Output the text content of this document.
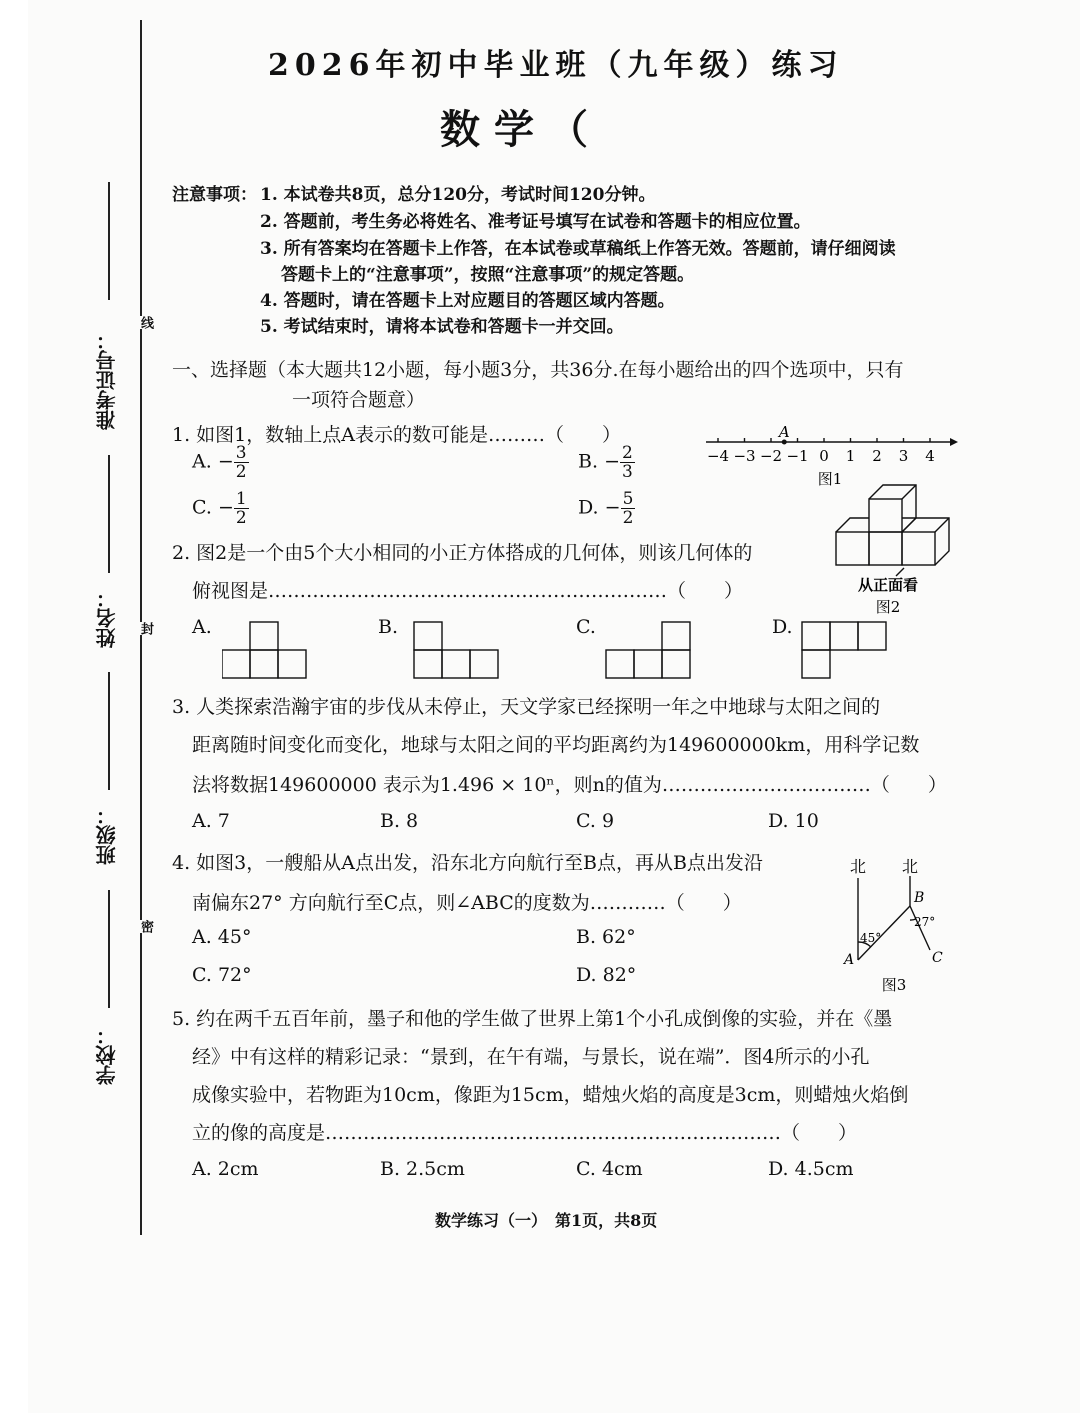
线
封
密
准考证号：
姓名：
班级：
学校：
2026年初中毕业班（九年级）练习
数学（
注意事项： 1. 本试卷共8页，总分120分，考试时间120分钟。
2. 答题前，考生务必将姓名、准考证号填写在试卷和答题卡的相应位置。
3. 所有答案均在答题卡上作答，在本试卷或草稿纸上作答无效。答题前，请仔细阅读
答题卡上的“注意事项”，按照“注意事项”的规定答题。
4. 答题时，请在答题卡上对应题目的答题区域内答题。
5. 考试结束时，请将本试卷和答题卡一并交回。
一、选择题（本大题共12小题，每小题3分，共36分.在每小题给出的四个选项中，只有
一项符合题意）
1. 如图1，数轴上点A表示的数可能是………（　　）
A. − $\frac{3}{2}$	B. − $\frac{2}{3}$
C. − $\frac{1}{2}$	D. − $\frac{5}{2}$
−4 −3 −2 −1 0 1 2 3 4
A
图1
2. 图2是一个由5个大小相同的小正方体搭成的几何体，则该几何体的
俯视图是………………………………………………………（　　）	从正面看
图2
A.	B.	C.	D.
3. 人类探索浩瀚宇宙的步伐从未停止，天文学家已经探明一年之中地球与太阳之间的
距离随时间变化而变化，地球与太阳之间的平均距离约为149600000km，用科学记数
法将数据149600000 表示为1.496 × 10ⁿ，则n的值为……………………………（　　）
A. 7	B. 8	C. 9	D. 10
4. 如图3，一艘船从A点出发，沿东北方向航行至B点，再从B点出发沿
南偏东27° 方向航行至C点，则∠ABC的度数为…………（　　）
A. 45°	B. 62°
C. 72°	D. 82°
北 北
B
A	C
45°
27°
图3
5. 约在两千五百年前，墨子和他的学生做了世界上第1个小孔成倒像的实验，并在《墨
经》中有这样的精彩记录：“景到，在午有端，与景长，说在端”．图4所示的小孔
成像实验中，若物距为10cm，像距为15cm，蜡烛火焰的高度是3cm，则蜡烛火焰倒
立的像的高度是………………………………………………………………（　　）
A. 2cm	B. 2.5cm	C. 4cm	D. 4.5cm
数学练习（一）　第1页，共8页
